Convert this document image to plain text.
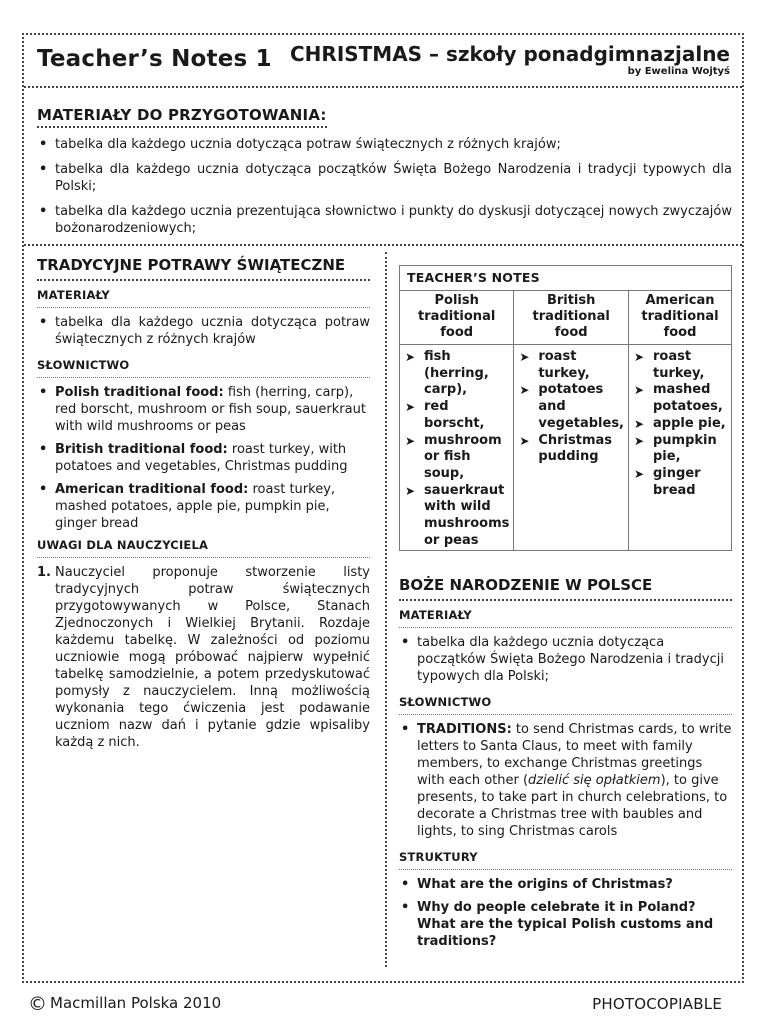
Teacher’s Notes 1 CHRISTMAS – szkoły ponadgimnazjalne
by Ewelina Wojtyś
MATERIAŁY DO PRZYGOTOWANIA:
• tabelka dla każdego ucznia dotycząca potraw świątecznych z różnych krajów;
• tabelka dla każdego ucznia dotycząca początków Święta Bożego Narodzenia i tradycji typowych dla Polski;
• tabelka dla każdego ucznia prezentująca słownictwo i punkty do dyskusji dotyczącej nowych zwyczajów bożonarodzeniowych;
TRADYCYJNE POTRAWY ŚWIĄTECZNE
MATERIAŁY
• tabelka dla każdego ucznia dotycząca potraw świątecznych z różnych krajów
SŁOWNICTWO
• Polish traditional food: fish (herring, carp), red borscht, mushroom or fish soup, sauerkraut with wild mushrooms or peas
• British traditional food: roast turkey, with potatoes and vegetables, Christmas pudding
• American traditional food: roast turkey, mashed potatoes, apple pie, pumpkin pie, ginger bread
UWAGI DLA NAUCZYCIELA
1. Nauczyciel proponuje stworzenie listy tradycyjnych potraw świątecznych przygotowywanych w Polsce, Stanach Zjednoczonych i Wielkiej Brytanii. Rozdaje każdemu tabelkę. W zależności od poziomu uczniowie mogą próbować najpierw wypełnić tabelkę samodzielnie, a potem przedyskutować pomysły z nauczycielem. Inną możliwością wykonania tego ćwiczenia jest podawanie uczniom nazw dań i pytanie gdzie wpisaliby każdą z nich.
TEACHER’S NOTES
Polish traditional food
➤ fish (herring, carp),
➤ red borscht,
➤ mushroom or fish soup,
➤ sauerkraut with wild mushrooms or peas
British traditional food
➤ roast turkey,
➤ potatoes and vegetables,
➤ Christmas pudding
American traditional food
➤ roast turkey,
➤ mashed potatoes,
➤ apple pie,
➤ pumpkin pie,
➤ ginger bread
BOŻE NARODZENIE W POLSCE
MATERIAŁY
• tabelka dla każdego ucznia dotycząca początków Święta Bożego Narodzenia i tradycji typowych dla Polski;
SŁOWNICTWO
• TRADITIONS: to send Christmas cards, to write letters to Santa Claus, to meet with family members, to exchange Christmas greetings with each other (dzielić się opłatkiem), to give presents, to take part in church celebrations, to decorate a Christmas tree with baubles and lights, to sing Christmas carols
STRUKTURY
• What are the origins of Christmas?
• Why do people celebrate it in Poland? What are the typical Polish customs and traditions?
© Macmillan Polska 2010	PHOTOCOPIABLE
